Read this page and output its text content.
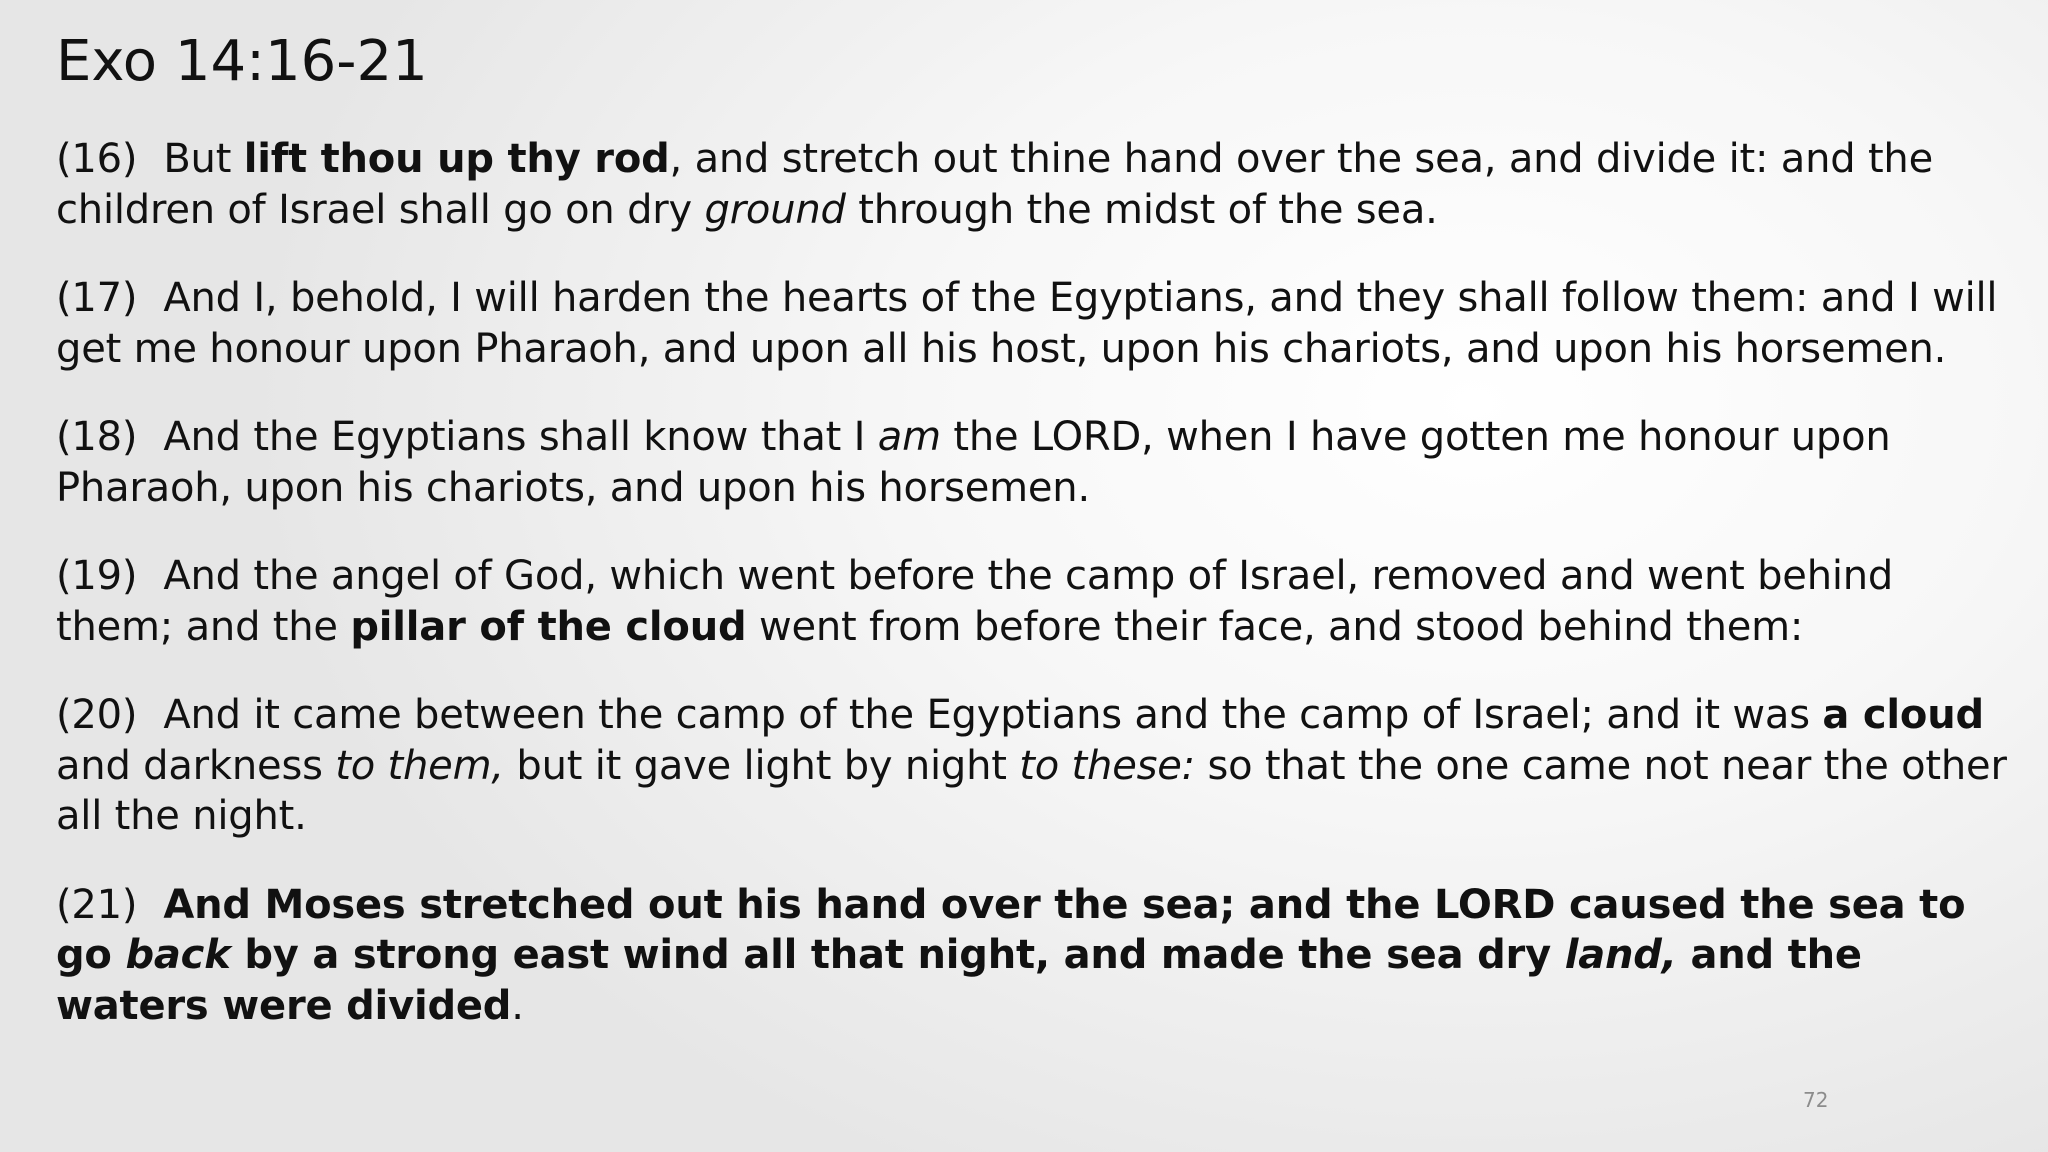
Exo 14:16-21

(16) But lift thou up thy rod, and stretch out thine hand over the sea, and divide it: and the children of Israel shall go on dry ground through the midst of the sea.

(17) And I, behold, I will harden the hearts of the Egyptians, and they shall follow them: and I will get me honour upon Pharaoh, and upon all his host, upon his chariots, and upon his horsemen.

(18) And the Egyptians shall know that I am the LORD, when I have gotten me honour upon Pharaoh, upon his chariots, and upon his horsemen.

(19) And the angel of God, which went before the camp of Israel, removed and went behind them; and the pillar of the cloud went from before their face, and stood behind them:

(20) And it came between the camp of the Egyptians and the camp of Israel; and it was a cloud and darkness to them, but it gave light by night to these: so that the one came not near the other all the night.

(21) And Moses stretched out his hand over the sea; and the LORD caused the sea to go back by a strong east wind all that night, and made the sea dry land, and the waters were divided.

72
